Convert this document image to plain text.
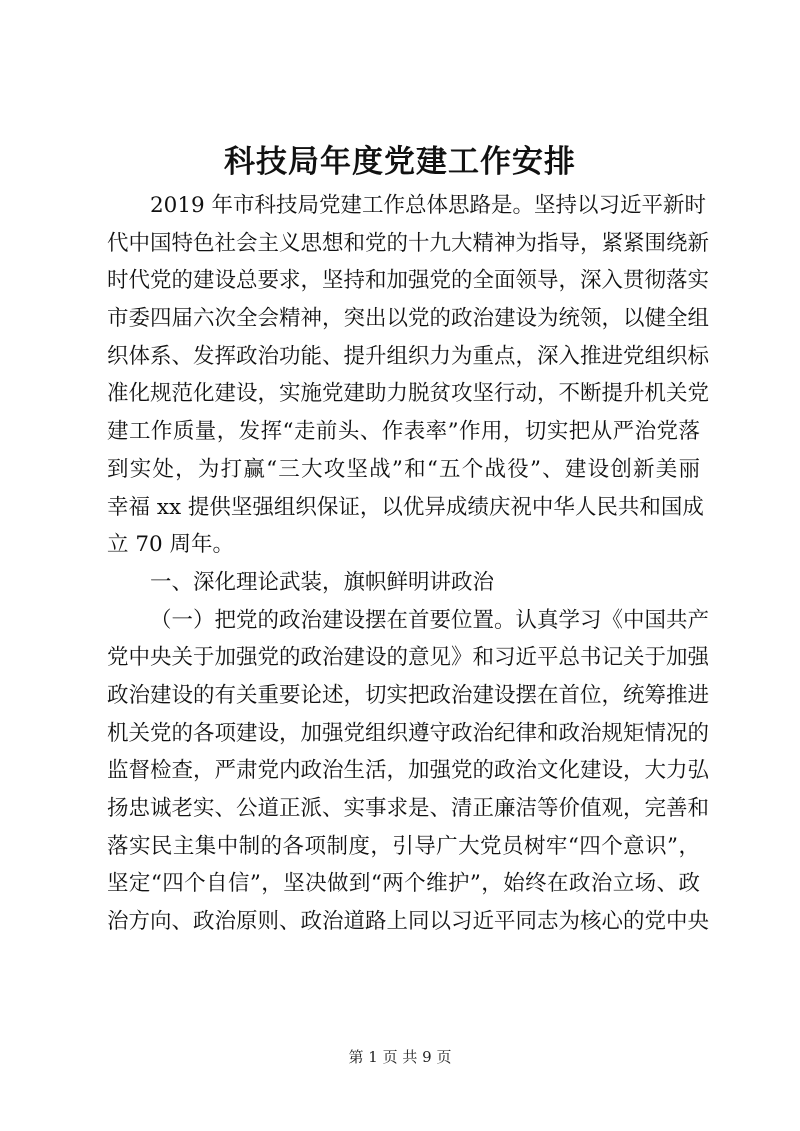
科技局年度党建工作安排
2019 年市科技局党建工作总体思路是。坚持以习近平新时
代中国特色社会主义思想和党的十九大精神为指导，紧紧围绕新
时代党的建设总要求，坚持和加强党的全面领导，深入贯彻落实
市委四届六次全会精神，突出以党的政治建设为统领，以健全组
织体系、发挥政治功能、提升组织力为重点，深入推进党组织标
准化规范化建设，实施党建助力脱贫攻坚行动，不断提升机关党
建工作质量，发挥“走前头、作表率”作用，切实把从严治党落
到实处，为打赢“三大攻坚战”和“五个战役”、建设创新美丽
幸福 xx 提供坚强组织保证，以优异成绩庆祝中华人民共和国成
立 70 周年。
一、深化理论武装，旗帜鲜明讲政治
（一）把党的政治建设摆在首要位置。认真学习《中国共产
党中央关于加强党的政治建设的意见》和习近平总书记关于加强
政治建设的有关重要论述，切实把政治建设摆在首位，统筹推进
机关党的各项建设，加强党组织遵守政治纪律和政治规矩情况的
监督检查，严肃党内政治生活，加强党的政治文化建设，大力弘
扬忠诚老实、公道正派、实事求是、清正廉洁等价值观，完善和
落实民主集中制的各项制度，引导广大党员树牢“四个意识”，
坚定“四个自信”，坚决做到“两个维护”，始终在政治立场、政
治方向、政治原则、政治道路上同以习近平同志为核心的党中央
第 1 页 共 9 页
